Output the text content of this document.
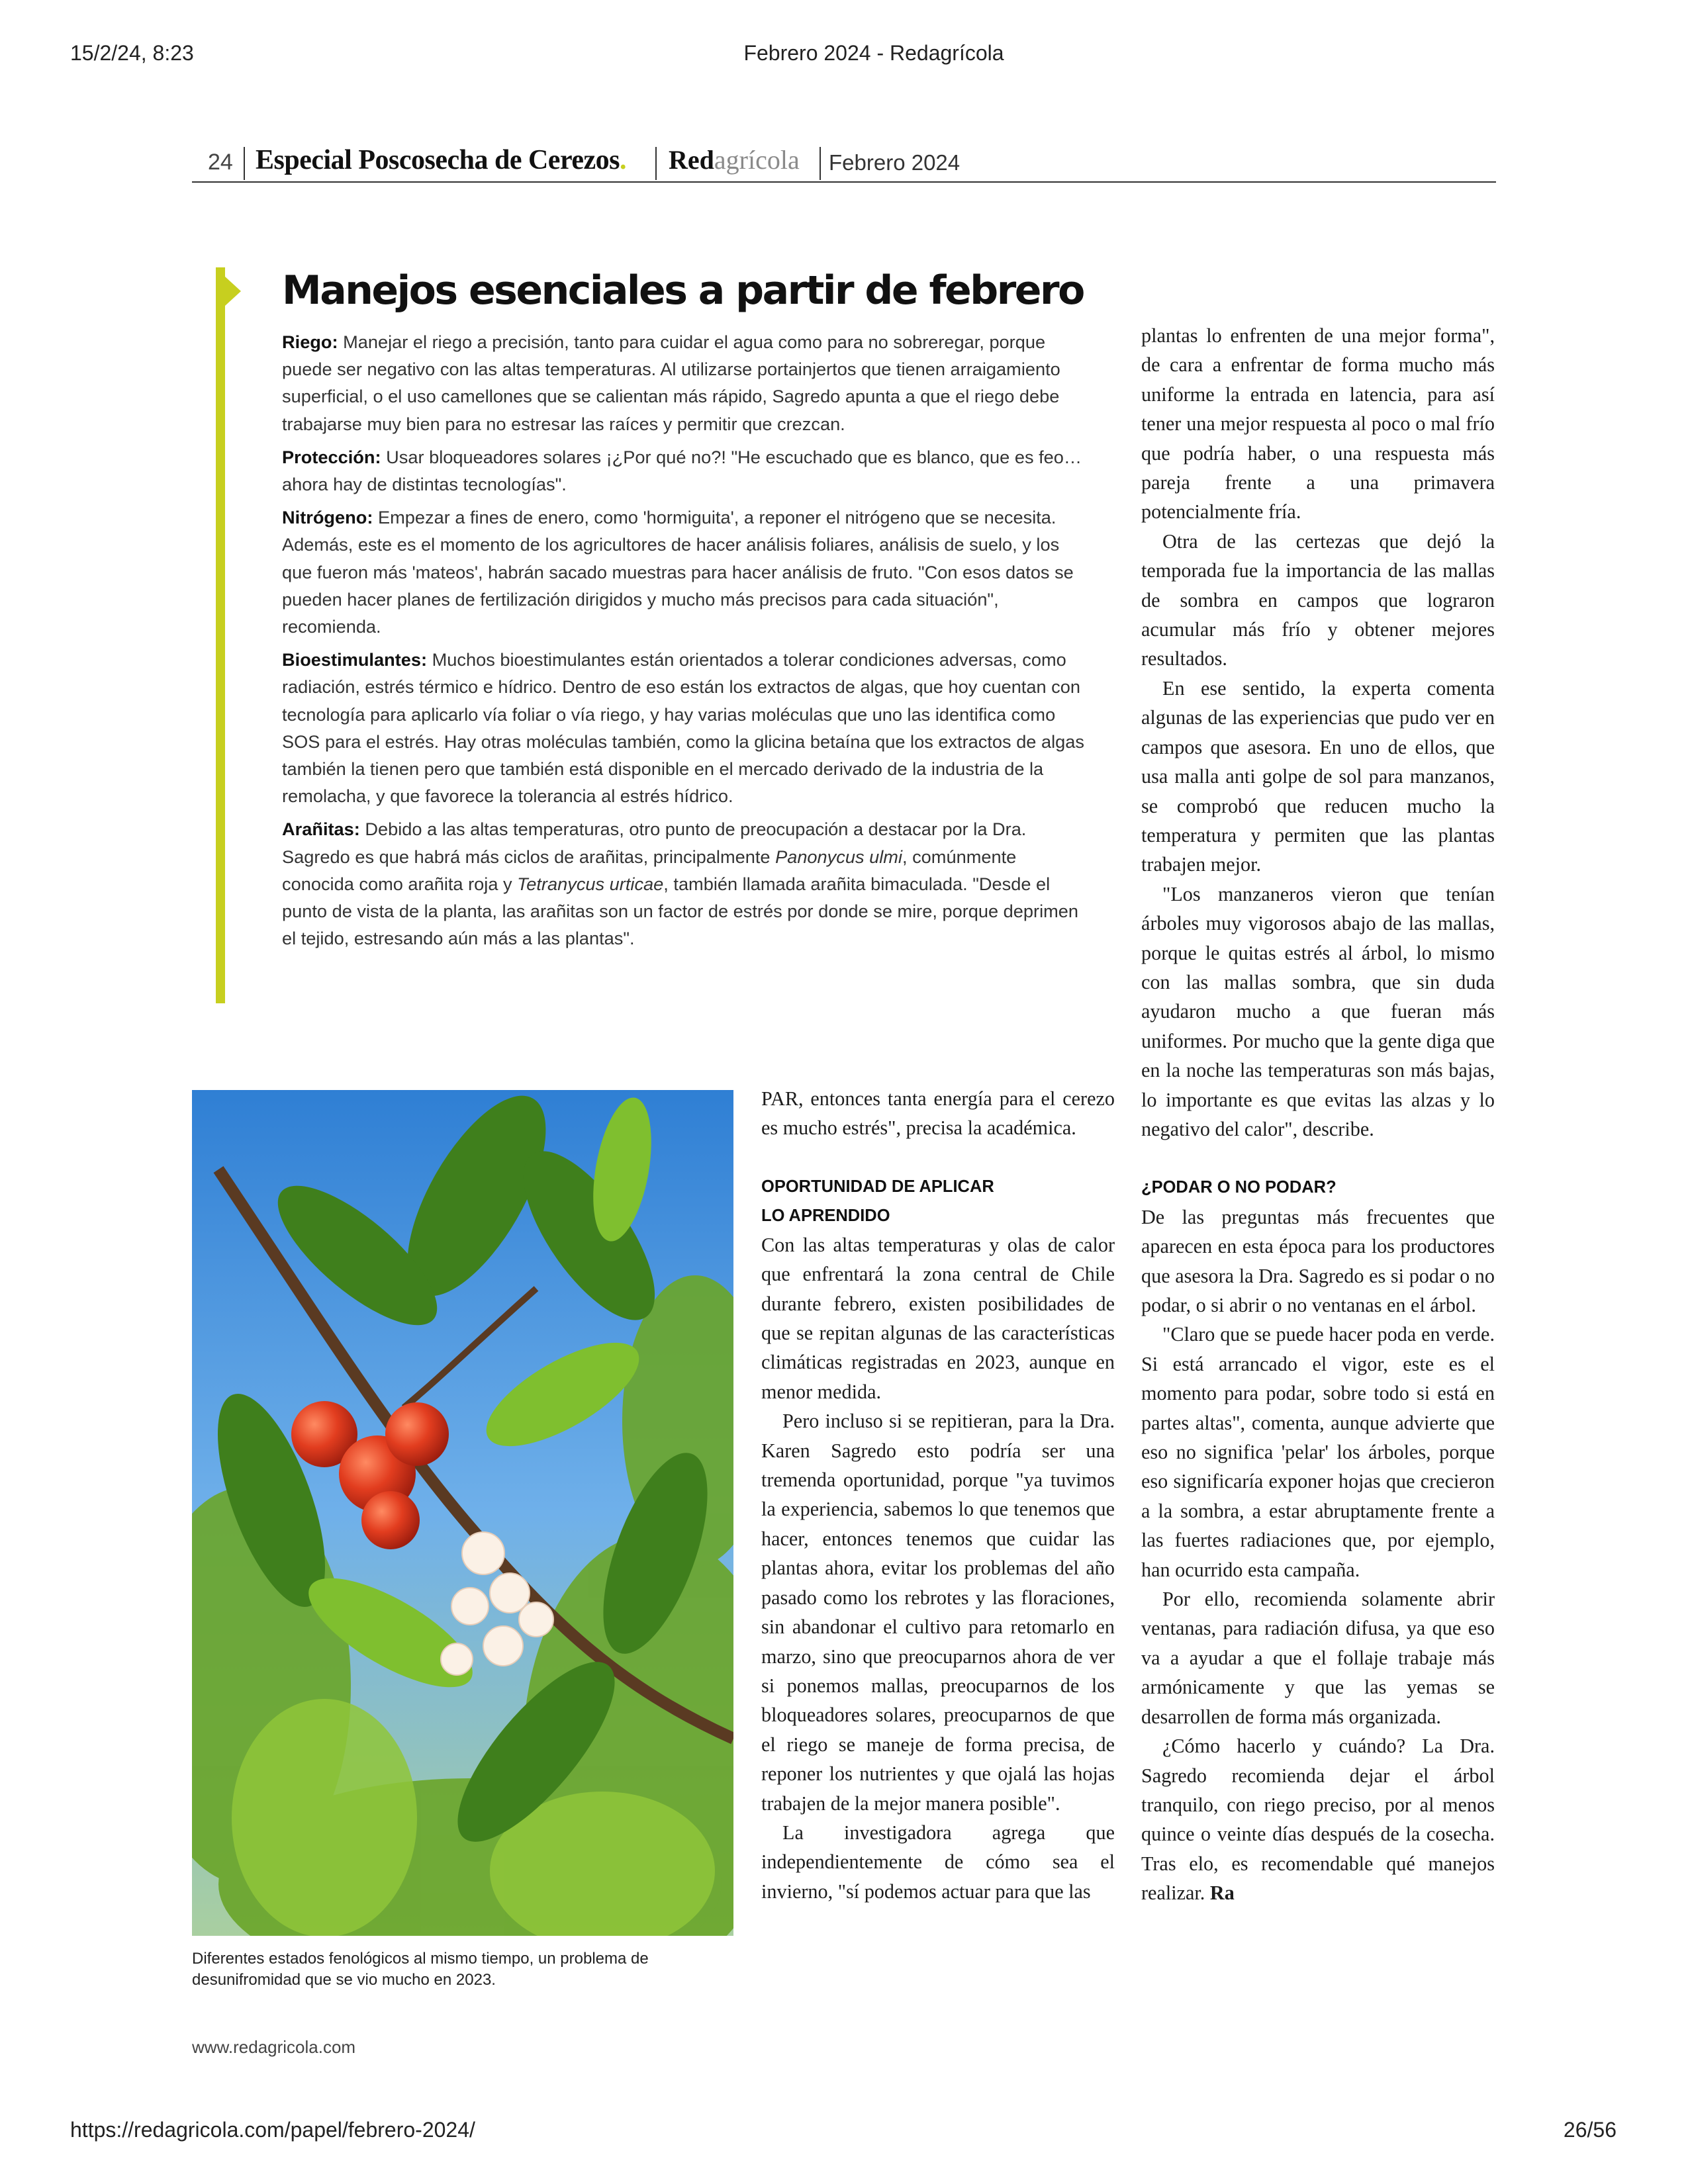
15/2/24, 8:23	Febrero 2024 - Redagrícola
24 Especial Poscosecha de Cerezos. Redagrícola Febrero 2024
Manejos esenciales a partir de febrero

Riego: Manejar el riego a precisión, tanto para cuidar el agua como para no sobreregar, porque puede ser negativo con las altas temperaturas. Al utilizarse portainjertos que tienen arraigamiento superficial, o el uso camellones que se calientan más rápido, Sagredo apunta a que el riego debe trabajarse muy bien para no estresar las raíces y permitir que crezcan.

Protección: Usar bloqueadores solares ¡¿Por qué no?! "He escuchado que es blanco, que es feo… ahora hay de distintas tecnologías".

Nitrógeno: Empezar a fines de enero, como 'hormiguita', a reponer el nitrógeno que se necesita. Además, este es el momento de los agricultores de hacer análisis foliares, análisis de suelo, y los que fueron más 'mateos', habrán sacado muestras para hacer análisis de fruto. "Con esos datos se pueden hacer planes de fertilización dirigidos y mucho más precisos para cada situación", recomienda.

Bioestimulantes: Muchos bioestimulantes están orientados a tolerar condiciones adversas, como radiación, estrés térmico e hídrico. Dentro de eso están los extractos de algas, que hoy cuentan con tecnología para aplicarlo vía foliar o vía riego, y hay varias moléculas que uno las identifica como SOS para el estrés. Hay otras moléculas también, como la glicina betaína que los extractos de algas también la tienen pero que también está disponible en el mercado derivado de la industria de la remolacha, y que favorece la tolerancia al estrés hídrico.

Arañitas: Debido a las altas temperaturas, otro punto de preocupación a destacar por la Dra. Sagredo es que habrá más ciclos de arañitas, principalmente Panonycus ulmi, comúnmente conocida como arañita roja y Tetranycus urticae, también llamada arañita bimaculada. "Desde el punto de vista de la planta, las arañitas son un factor de estrés por donde se mire, porque deprimen el tejido, estresando aún más a las plantas".

plantas lo enfrenten de una mejor forma", de cara a enfrentar de forma mucho más uniforme la entrada en latencia, para así tener una mejor respuesta al poco o mal frío que podría haber, o una respuesta más pareja frente a una primavera potencialmente fría.

Otra de las certezas que dejó la temporada fue la importancia de las mallas de sombra en campos que lograron acumular más frío y obtener mejores resultados.

En ese sentido, la experta comenta algunas de las experiencias que pudo ver en campos que asesora. En uno de ellos, que usa malla anti golpe de sol para manzanos, se comprobó que reducen mucho la temperatura y permiten que las plantas trabajen mejor.

"Los manzaneros vieron que tenían árboles muy vigorosos abajo de las mallas, porque le quitas estrés al árbol, lo mismo con las mallas sombra, que sin duda ayudaron mucho a que fueran más uniformes. Por mucho que la gente diga que en la noche las temperaturas son más bajas, lo importante es que evitas las alzas y lo negativo del calor", describe.

¿PODAR O NO PODAR?

De las preguntas más frecuentes que aparecen en esta época para los productores que asesora la Dra. Sagredo es si podar o no podar, o si abrir o no ventanas en el árbol.

"Claro que se puede hacer poda en verde. Si está arrancado el vigor, este es el momento para podar, sobre todo si está en partes altas", comenta, aunque advierte que eso no significa 'pelar' los árboles, porque eso significaría exponer hojas que crecieron a la sombra, a estar abruptamente frente a las fuertes radiaciones que, por ejemplo, han ocurrido esta campaña.

Por ello, recomienda solamente abrir ventanas, para radiación difusa, ya que eso va a ayudar a que el follaje trabaje más armónicamente y que las yemas se desarrollen de forma más organizada.

¿Cómo hacerlo y cuándo? La Dra. Sagredo recomienda dejar el árbol tranquilo, con riego preciso, por al menos quince o veinte días después de la cosecha. Tras elo, es recomendable qué manejos realizar. Ra

PAR, entonces tanta energía para el cerezo es mucho estrés", precisa la académica.

OPORTUNIDAD DE APLICAR
LO APRENDIDO

Con las altas temperaturas y olas de calor que enfrentará la zona central de Chile durante febrero, existen posibilidades de que se repitan algunas de las características climáticas registradas en 2023, aunque en menor medida.

Pero incluso si se repitieran, para la Dra. Karen Sagredo esto podría ser una tremenda oportunidad, porque "ya tuvimos la experiencia, sabemos lo que tenemos que hacer, entonces tenemos que cuidar las plantas ahora, evitar los problemas del año pasado como los rebrotes y las floraciones, sin abandonar el cultivo para retomarlo en marzo, sino que preocuparnos ahora de ver si ponemos mallas, preocuparnos de los bloqueadores solares, preocuparnos de que el riego se maneje de forma precisa, de reponer los nutrientes y que ojalá las hojas trabajen de la mejor manera posible".

La investigadora agrega que independientemente de cómo sea el invierno, "sí podemos actuar para que las

Diferentes estados fenológicos al mismo tiempo, un problema de desunifromidad que se vio mucho en 2023.
www.redagricola.com
https://redagricola.com/papel/febrero-2024/	26/56
